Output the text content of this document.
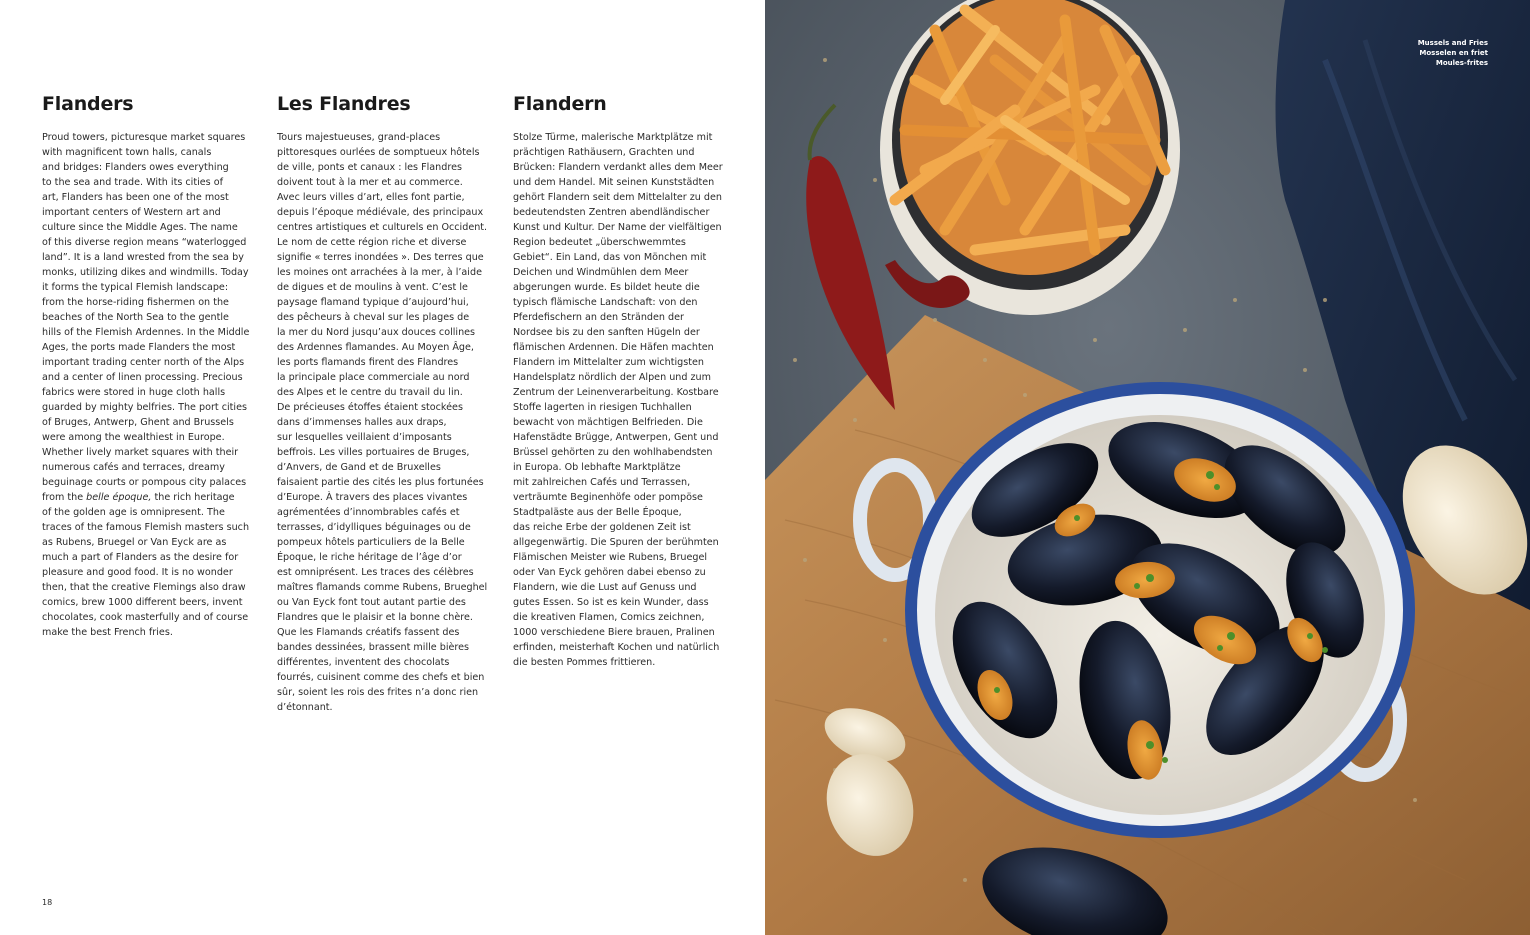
Flanders

Proud towers, picturesque market squares
with magnificent town halls, canals
and bridges: Flanders owes everything
to the sea and trade. With its cities of
art, Flanders has been one of the most
important centers of Western art and
culture since the Middle Ages. The name
of this diverse region means “waterlogged
land”. It is a land wrested from the sea by
monks, utilizing dikes and windmills. Today
it forms the typical Flemish landscape:
from the horse-riding fishermen on the
beaches of the North Sea to the gentle
hills of the Flemish Ardennes. In the Middle
Ages, the ports made Flanders the most
important trading center north of the Alps
and a center of linen processing. Precious
fabrics were stored in huge cloth halls
guarded by mighty belfries. The port cities
of Bruges, Antwerp, Ghent and Brussels
were among the wealthiest in Europe.
Whether lively market squares with their
numerous cafés and terraces, dreamy
beguinage courts or pompous city palaces
from the belle époque, the rich heritage
of the golden age is omnipresent. The
traces of the famous Flemish masters such
as Rubens, Bruegel or Van Eyck are as
much a part of Flanders as the desire for
pleasure and good food. It is no wonder
then, that the creative Flemings also draw
comics, brew 1000 different beers, invent
chocolates, cook masterfully and of course
make the best French fries.

Les Flandres

Tours majestueuses, grand-places
pittoresques ourlées de somptueux hôtels
de ville, ponts et canaux : les Flandres
doivent tout à la mer et au commerce.
Avec leurs villes d’art, elles font partie,
depuis l’époque médiévale, des principaux
centres artistiques et culturels en Occident.
Le nom de cette région riche et diverse
signifie « terres inondées ». Des terres que
les moines ont arrachées à la mer, à l’aide
de digues et de moulins à vent. C’est le
paysage flamand typique d’aujourd’hui,
des pêcheurs à cheval sur les plages de
la mer du Nord jusqu’aux douces collines
des Ardennes flamandes. Au Moyen Âge,
les ports flamands firent des Flandres
la principale place commerciale au nord
des Alpes et le centre du travail du lin.
De précieuses étoffes étaient stockées
dans d’immenses halles aux draps,
sur lesquelles veillaient d’imposants
beffrois. Les villes portuaires de Bruges,
d’Anvers, de Gand et de Bruxelles
faisaient partie des cités les plus fortunées
d’Europe. À travers des places vivantes
agrémentées d’innombrables cafés et
terrasses, d’idylliques béguinages ou de
pompeux hôtels particuliers de la Belle
Époque, le riche héritage de l’âge d’or
est omniprésent. Les traces des célèbres
maîtres flamands comme Rubens, Brueghel
ou Van Eyck font tout autant partie des
Flandres que le plaisir et la bonne chère.
Que les Flamands créatifs fassent des
bandes dessinées, brassent mille bières
différentes, inventent des chocolats
fourrés, cuisinent comme des chefs et bien
sûr, soient les rois des frites n’a donc rien
d’étonnant.

Flandern

Stolze Türme, malerische Marktplätze mit
prächtigen Rathäusern, Grachten und
Brücken: Flandern verdankt alles dem Meer
und dem Handel. Mit seinen Kunststädten
gehört Flandern seit dem Mittelalter zu den
bedeutendsten Zentren abendländischer
Kunst und Kultur. Der Name der vielfältigen
Region bedeutet „überschwemmtes
Gebiet“. Ein Land, das von Mönchen mit
Deichen und Windmühlen dem Meer
abgerungen wurde. Es bildet heute die
typisch flämische Landschaft: von den
Pferdefischern an den Stränden der
Nordsee bis zu den sanften Hügeln der
flämischen Ardennen. Die Häfen machten
Flandern im Mittelalter zum wichtigsten
Handelsplatz nördlich der Alpen und zum
Zentrum der Leinenverarbeitung. Kostbare
Stoffe lagerten in riesigen Tuchhallen
bewacht von mächtigen Belfrieden. Die
Hafenstädte Brügge, Antwerpen, Gent und
Brüssel gehörten zu den wohlhabendsten
in Europa. Ob lebhafte Marktplätze
mit zahlreichen Cafés und Terrassen,
verträumte Beginenhöfe oder pompöse
Stadtpaläste aus der Belle Époque,
das reiche Erbe der goldenen Zeit ist
allgegenwärtig. Die Spuren der berühmten
Flämischen Meister wie Rubens, Bruegel
oder Van Eyck gehören dabei ebenso zu
Flandern, wie die Lust auf Genuss und
gutes Essen. So ist es kein Wunder, dass
die kreativen Flamen, Comics zeichnen,
1000 verschiedene Biere brauen, Pralinen
erfinden, meisterhaft Kochen und natürlich
die besten Pommes frittieren.

18
Mussels and Fries
Mosselen en friet
Moules-frites
